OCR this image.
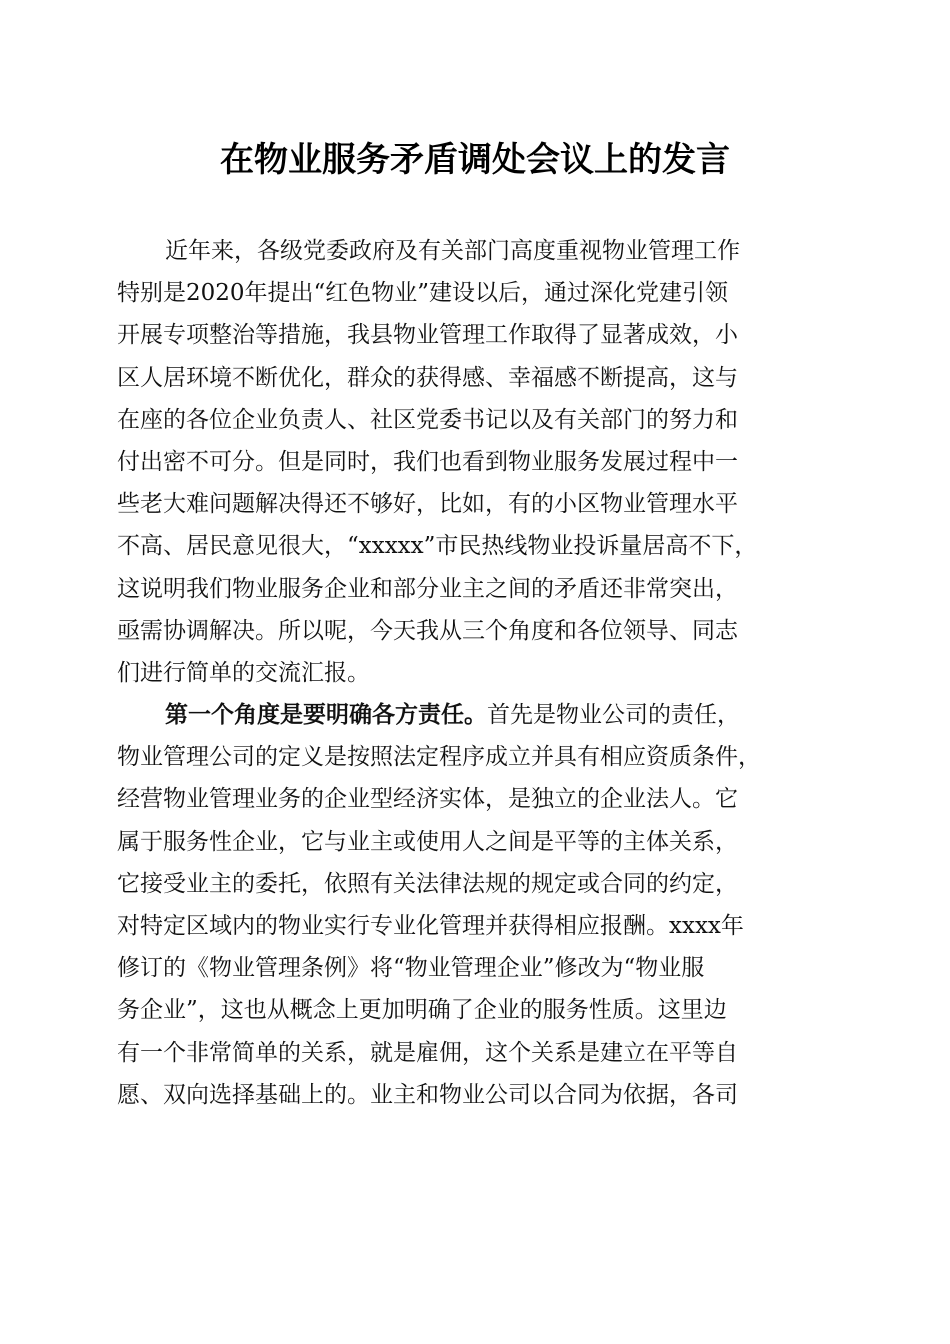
在物业服务矛盾调处会议上的发言
近年来，各级党委政府及有关部门高度重视物业管理工作
特别是2020年提出“红色物业”建设以后，通过深化党建引领
开展专项整治等措施，我县物业管理工作取得了显著成效，小
区人居环境不断优化，群众的获得感、幸福感不断提高，这与
在座的各位企业负责人、社区党委书记以及有关部门的努力和
付出密不可分。但是同时，我们也看到物业服务发展过程中一
些老大难问题解决得还不够好，比如，有的小区物业管理水平
不高、居民意见很大，“xxxxx”市民热线物业投诉量居高不下，
这说明我们物业服务企业和部分业主之间的矛盾还非常突出，
亟需协调解决。所以呢，今天我从三个角度和各位领导、同志
们进行简单的交流汇报。
第一个角度是要明确各方责任。首先是物业公司的责任，
物业管理公司的定义是按照法定程序成立并具有相应资质条件，
经营物业管理业务的企业型经济实体，是独立的企业法人。它
属于服务性企业，它与业主或使用人之间是平等的主体关系，
它接受业主的委托，依照有关法律法规的规定或合同的约定，
对特定区域内的物业实行专业化管理并获得相应报酬。xxxx年
修订的《物业管理条例》将“物业管理企业”修改为“物业服
务企业”，这也从概念上更加明确了企业的服务性质。这里边
有一个非常简单的关系，就是雇佣，这个关系是建立在平等自
愿、双向选择基础上的。业主和物业公司以合同为依据，各司
